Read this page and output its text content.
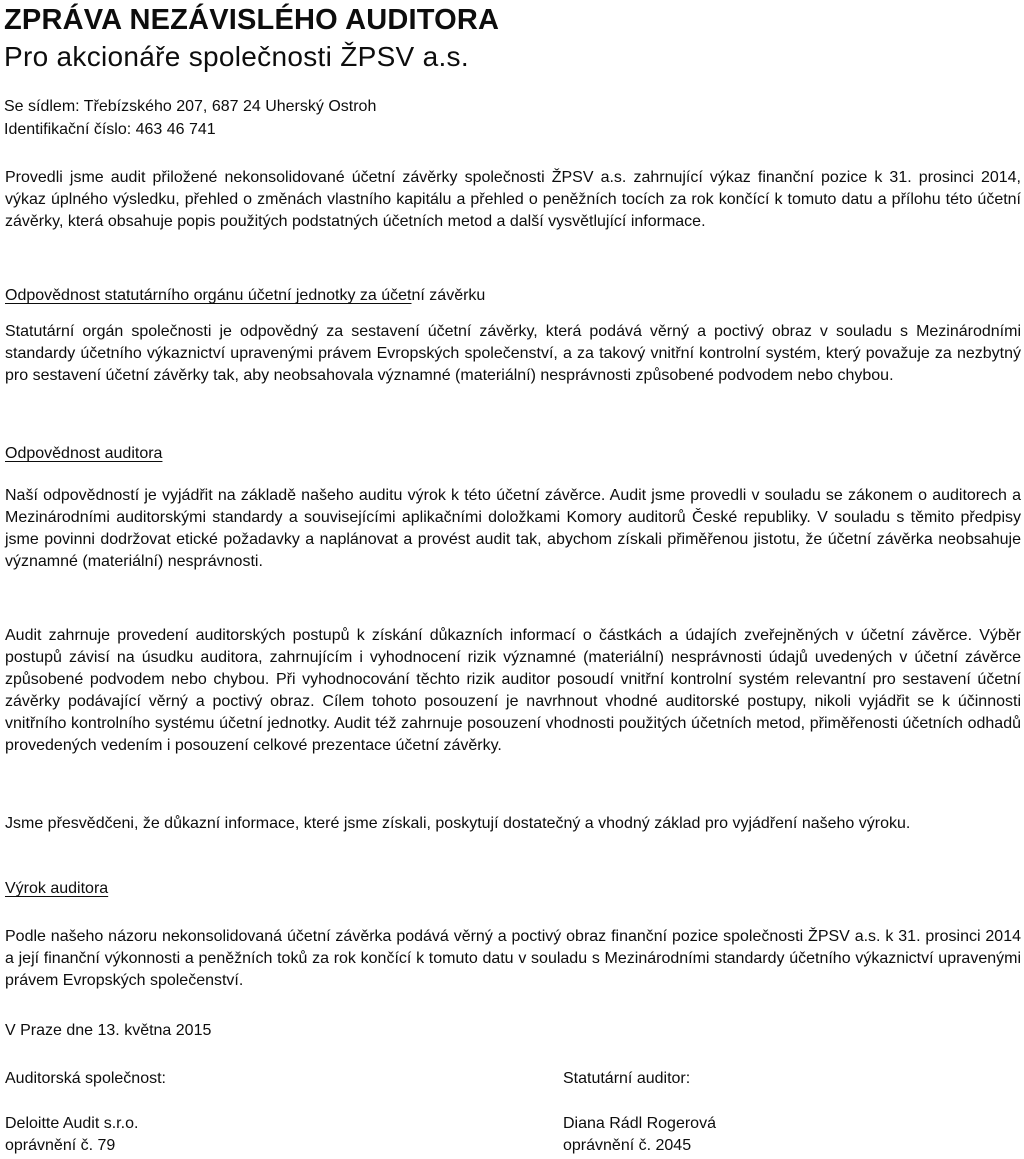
ZPRÁVA NEZÁVISLÉHO AUDITORA
Pro akcionáře společnosti ŽPSV a.s.
Se sídlem: Třebízského 207, 687 24 Uherský Ostroh
Identifikační číslo: 463 46 741

Provedli jsme audit přiložené nekonsolidované účetní závěrky společnosti ŽPSV a.s. zahrnující výkaz finanční pozice k 31. prosinci 2014, výkaz úplného výsledku, přehled o změnách vlastního kapitálu a přehled o peněžních tocích za rok končící k tomuto datu a přílohu této účetní závěrky, která obsahuje popis použitých podstatných účetních metod a další vysvětlující informace.

Odpovědnost statutárního orgánu účetní jednotky za účetní závěrku

Statutární orgán společnosti je odpovědný za sestavení účetní závěrky, která podává věrný a poctivý obraz v souladu s Mezinárodními standardy účetního výkaznictví upravenými právem Evropských společenství, a za takový vnitřní kontrolní systém, který považuje za nezbytný pro sestavení účetní závěrky tak, aby neobsahovala významné (materiální) nesprávnosti způsobené podvodem nebo chybou.

Odpovědnost auditora

Naší odpovědností je vyjádřit na základě našeho auditu výrok k této účetní závěrce. Audit jsme provedli v souladu se zákonem o auditorech a Mezinárodními auditorskými standardy a souvisejícími aplikačními doložkami Komory auditorů České republiky. V souladu s těmito předpisy jsme povinni dodržovat etické požadavky a naplánovat a provést audit tak, abychom získali přiměřenou jistotu, že účetní závěrka neobsahuje významné (materiální) nesprávnosti.

Audit zahrnuje provedení auditorských postupů k získání důkazních informací o částkách a údajích zveřejněných v účetní závěrce. Výběr postupů závisí na úsudku auditora, zahrnujícím i vyhodnocení rizik významné (materiální) nesprávnosti údajů uvedených v účetní závěrce způsobené podvodem nebo chybou. Při vyhodnocování těchto rizik auditor posoudí vnitřní kontrolní systém relevantní pro sestavení účetní závěrky podávající věrný a poctivý obraz. Cílem tohoto posouzení je navrhnout vhodné auditorské postupy, nikoli vyjádřit se k účinnosti vnitřního kontrolního systému účetní jednotky. Audit též zahrnuje posouzení vhodnosti použitých účetních metod, přiměřenosti účetních odhadů provedených vedením i posouzení celkové prezentace účetní závěrky.

Jsme přesvědčeni, že důkazní informace, které jsme získali, poskytují dostatečný a vhodný základ pro vyjádření našeho výroku.

Výrok auditora

Podle našeho názoru nekonsolidovaná účetní závěrka podává věrný a poctivý obraz finanční pozice společnosti ŽPSV a.s. k 31. prosinci 2014 a její finanční výkonnosti a peněžních toků za rok končící k tomuto datu v souladu s Mezinárodními standardy účetního výkaznictví upravenými právem Evropských společenství.

V Praze dne 13. května 2015
Auditorská společnost:
Deloitte Audit s.r.o.
oprávnění č. 79
Statutární auditor:
Diana Rádl Rogerová
oprávnění č. 2045
